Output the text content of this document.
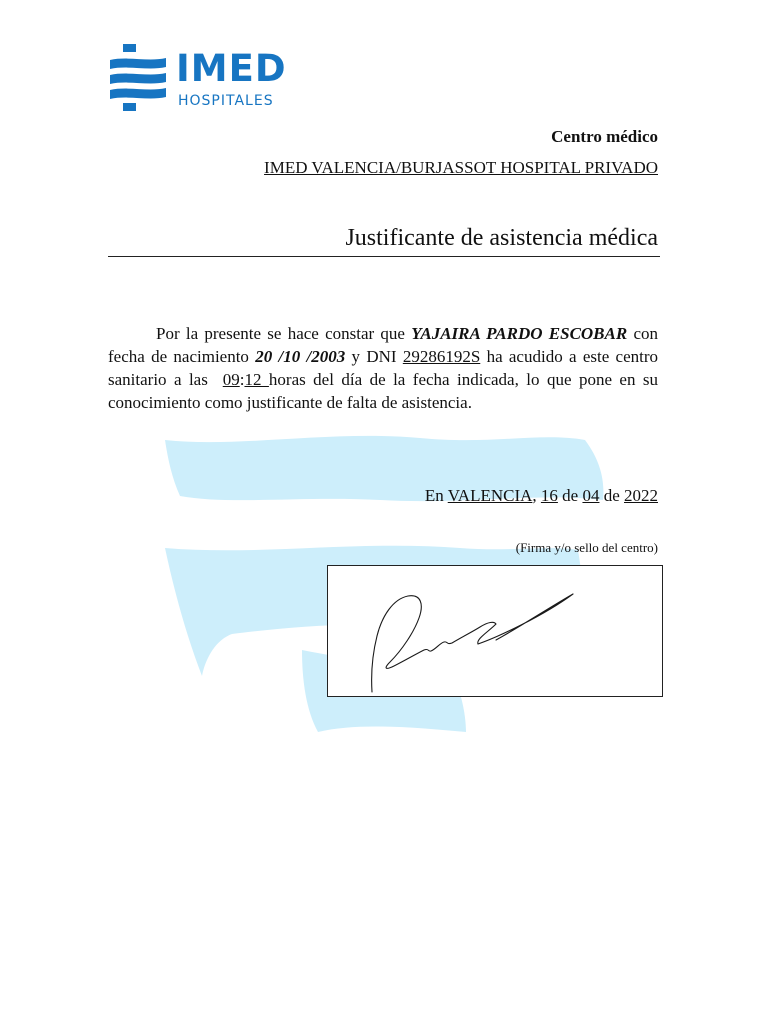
IMED
HOSPITALES
Centro médico
IMED VALENCIA/BURJASSOT HOSPITAL PRIVADO
Justificante de asistencia médica

Por la presente se hace constar que YAJAIRA PARDO ESCOBAR con fecha de nacimiento 20 /10 /2003 y DNI 29286192S ha acudido a este centro sanitario a las  09:12 horas del día de la fecha indicada, lo que pone en su conocimiento como justificante de falta de asistencia.

En VALENCIA, 16 de 04 de 2022
(Firma y/o sello del centro)
